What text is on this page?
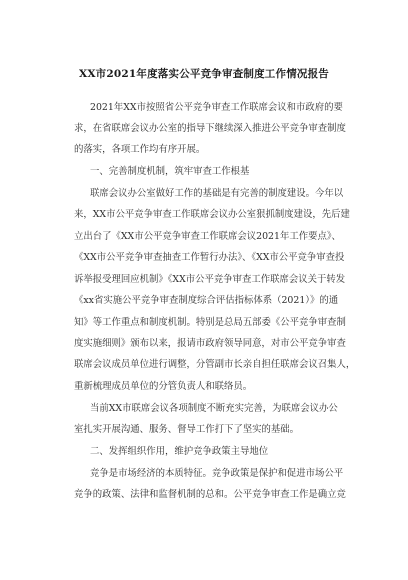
XX市2021年度落实公平竞争审查制度工作情况报告
2021年XX市按照省公平竞争审查工作联席会议和市政府的要
求，在省联席会议办公室的指导下继续深入推进公平竞争审查制度
的落实，各项工作均有序开展。
一、完善制度机制，筑牢审查工作根基
联席会议办公室做好工作的基础是有完善的制度建设。今年以
来，XX市公平竞争审查工作联席会议办公室狠抓制度建设，先后建
立出台了《XX市公平竞争审查工作联席会议2021年工作要点》、
《XX市公平竞争审查抽查工作暂行办法》、《XX市公平竞争审查投
诉举报受理回应机制》《XX市公平竞争审查工作联席会议关于转发
《xx省实施公平竞争审查制度综合评估指标体系（2021）》的通
知》等工作重点和制度机制。特别是总局五部委《公平竞争审查制
度实施细则》颁布以来，报请市政府领导同意，对市公平竞争审查
联席会议成员单位进行调整，分管副市长亲自担任联席会议召集人，
重新梳理成员单位的分管负责人和联络员。
当前XX市联席会议各项制度不断充实完善，为联席会议办公
室扎实开展沟通、服务、督导工作打下了坚实的基础。
二、发挥组织作用，维护竞争政策主导地位
竞争是市场经济的本质特征。竞争政策是保护和促进市场公平
竞争的政策、法律和监督机制的总和。公平竞争审查工作是确立竞
